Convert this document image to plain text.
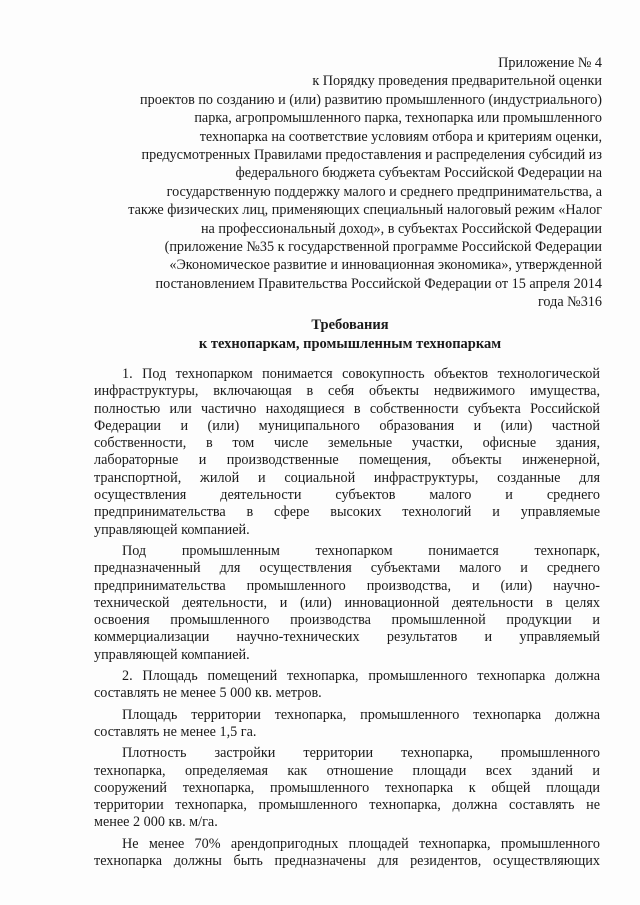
Приложение № 4
к Порядку проведения предварительной оценки
проектов по созданию и (или) развитию промышленного (индустриального)
парка, агропромышленного парка, технопарка или промышленного
технопарка на соответствие условиям отбора и критериям оценки,
предусмотренных Правилами предоставления и распределения субсидий из
федерального бюджета субъектам Российской Федерации на
государственную поддержку малого и среднего предпринимательства, а
также физических лиц, применяющих специальный налоговый режим «Налог
на профессиональный доход», в субъектах Российской Федерации
(приложение №35 к государственной программе Российской Федерации
«Экономическое развитие и инновационная экономика», утвержденной
постановлением Правительства Российской Федерации от 15 апреля 2014
года №316
Требования
к технопаркам, промышленным технопаркам
1. Под технопарком понимается совокупность объектов технологической
инфраструктуры, включающая в себя объекты недвижимого имущества,
полностью или частично находящиеся в собственности субъекта Российской
Федерации и (или) муниципального образования и (или) частной
собственности, в том числе земельные участки, офисные здания,
лабораторные и производственные помещения, объекты инженерной,
транспортной, жилой и социальной инфраструктуры, созданные для
осуществления деятельности субъектов малого и среднего
предпринимательства в сфере высоких технологий и управляемые
управляющей компанией.
Под промышленным технопарком понимается технопарк,
предназначенный для осуществления субъектами малого и среднего
предпринимательства промышленного производства, и (или) научно-
технической деятельности, и (или) инновационной деятельности в целях
освоения промышленного производства промышленной продукции и
коммерциализации научно-технических результатов и управляемый
управляющей компанией.
2. Площадь помещений технопарка, промышленного технопарка должна
составлять не менее 5 000 кв. метров.
Площадь территории технопарка, промышленного технопарка должна
составлять не менее 1,5 га.
Плотность застройки территории технопарка, промышленного
технопарка, определяемая как отношение площади всех зданий и
сооружений технопарка, промышленного технопарка к общей площади
территории технопарка, промышленного технопарка, должна составлять не
менее 2 000 кв. м/га.
Не менее 70% арендопригодных площадей технопарка, промышленного
технопарка должны быть предназначены для резидентов, осуществляющих
